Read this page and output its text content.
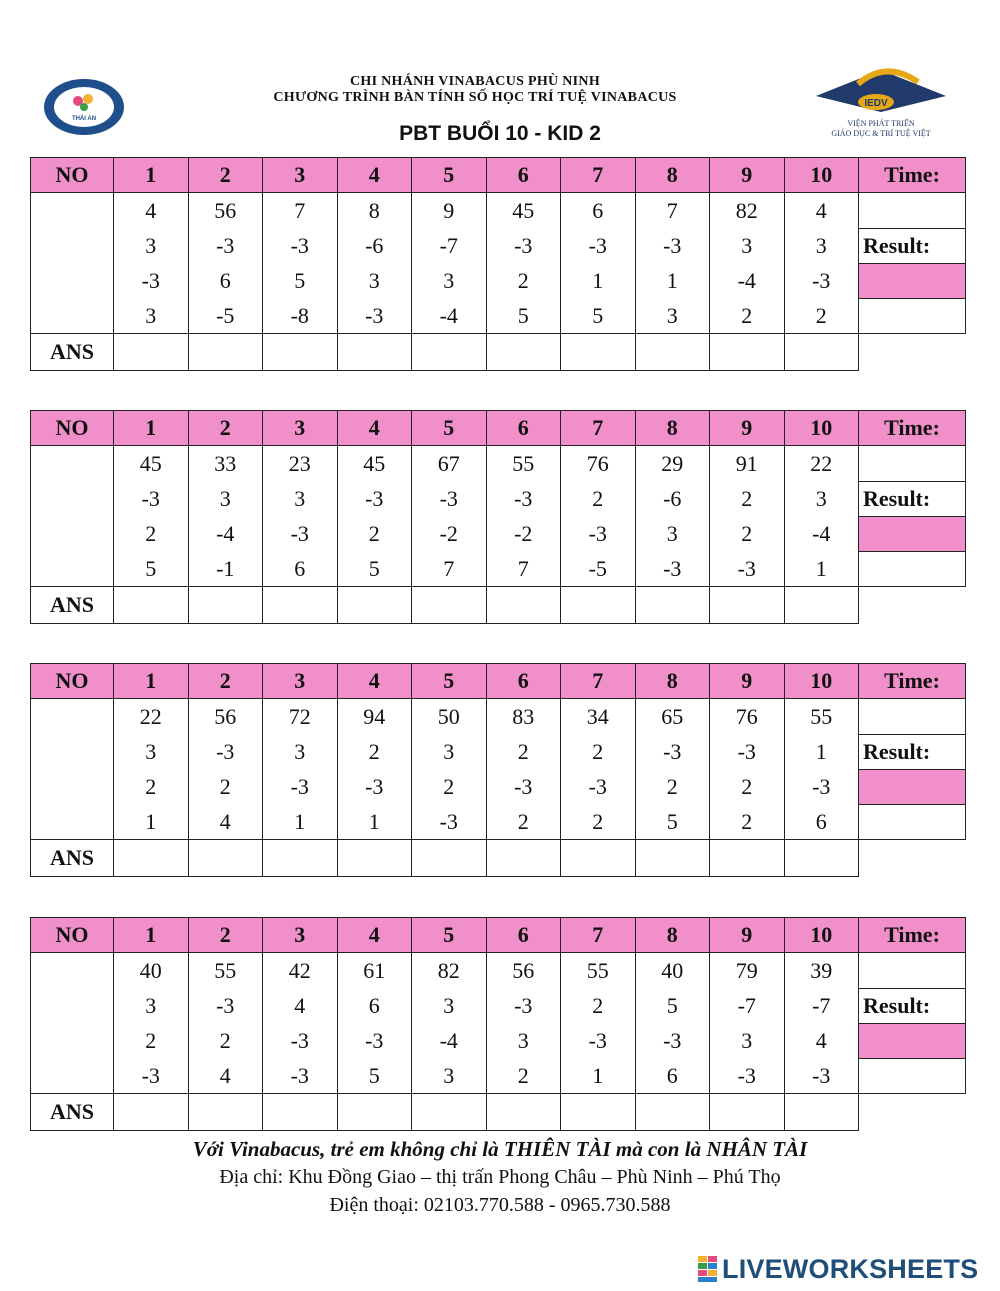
THÁI AN
CHI NHÁNH VINABACUS PHÙ NINH
CHƯƠNG TRÌNH BÀN TÍNH SỐ HỌC TRÍ TUỆ VINABACUS
PBT BUỔI 10 - KID 2
IEDV
VIỆN PHÁT TRIỂN
GIÁO DỤC & TRÍ TUỆ VIỆT
NO	1	2	3	4	5	6	7	8	9	10	Time:
	4	56	7	8	9	45	6	7	82	4	
	3	-3	-3	-6	-7	-3	-3	-3	3	3	Result:
	-3	6	5	3	3	2	1	1	-4	-3	
	3	-5	-8	-3	-4	5	5	3	2	2	
ANS											
NO	1	2	3	4	5	6	7	8	9	10	Time:
	45	33	23	45	67	55	76	29	91	22	
	-3	3	3	-3	-3	-3	2	-6	2	3	Result:
	2	-4	-3	2	-2	-2	-3	3	2	-4	
	5	-1	6	5	7	7	-5	-3	-3	1	
ANS											
NO	1	2	3	4	5	6	7	8	9	10	Time:
	22	56	72	94	50	83	34	65	76	55	
	3	-3	3	2	3	2	2	-3	-3	1	Result:
	2	2	-3	-3	2	-3	-3	2	2	-3	
	1	4	1	1	-3	2	2	5	2	6	
ANS											
NO	1	2	3	4	5	6	7	8	9	10	Time:
	40	55	42	61	82	56	55	40	79	39	
	3	-3	4	6	3	-3	2	5	-7	-7	Result:
	2	2	-3	-3	-4	3	-3	-3	3	4	
	-3	4	-3	5	3	2	1	6	-3	-3	
ANS											
Với Vinabacus, trẻ em không chỉ là THIÊN TÀI mà con là NHÂN TÀI
Địa chỉ: Khu Đồng Giao – thị trấn Phong Châu – Phù Ninh – Phú Thọ
Điện thoại: 02103.770.588 - 0965.730.588
LIVEWORKSHEETS
